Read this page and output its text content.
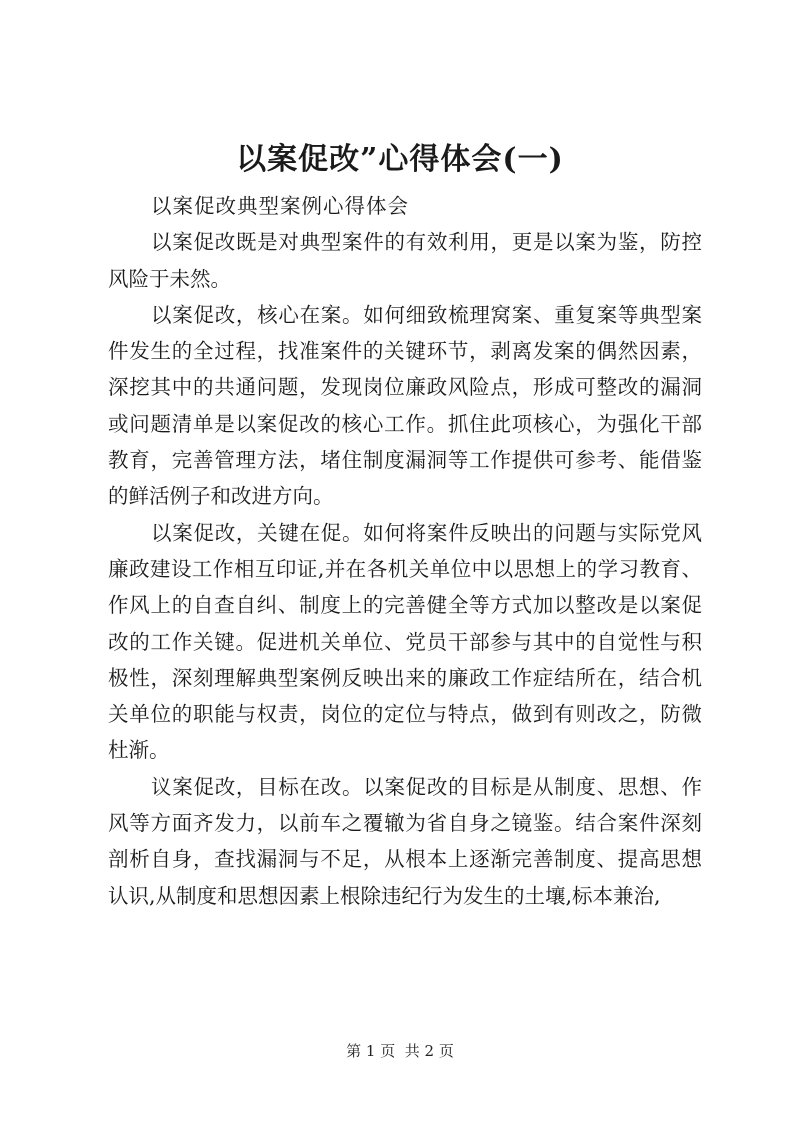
以案促改”心得体会(一)

以案促改典型案例心得体会

以案促改既是对典型案件的有效利用，更是以案为鉴，防控风险于未然。

以案促改，核心在案。如何细致梳理窝案、重复案等典型案件发生的全过程，找准案件的关键环节，剥离发案的偶然因素，深挖其中的共通问题，发现岗位廉政风险点，形成可整改的漏洞或问题清单是以案促改的核心工作。抓住此项核心，为强化干部教育，完善管理方法，堵住制度漏洞等工作提供可参考、能借鉴的鲜活例子和改进方向。

以案促改，关键在促。如何将案件反映出的问题与实际党风廉政建设工作相互印证,并在各机关单位中以思想上的学习教育、作风上的自查自纠、制度上的完善健全等方式加以整改是以案促改的工作关键。促进机关单位、党员干部参与其中的自觉性与积极性，深刻理解典型案例反映出来的廉政工作症结所在，结合机关单位的职能与权责，岗位的定位与特点，做到有则改之，防微杜渐。

议案促改，目标在改。以案促改的目标是从制度、思想、作风等方面齐发力，以前车之覆辙为省自身之镜鉴。结合案件深刻剖析自身，查找漏洞与不足，从根本上逐渐完善制度、提高思想认识,从制度和思想因素上根除违纪行为发生的土壤,标本兼治,

第 1 页  共 2 页
